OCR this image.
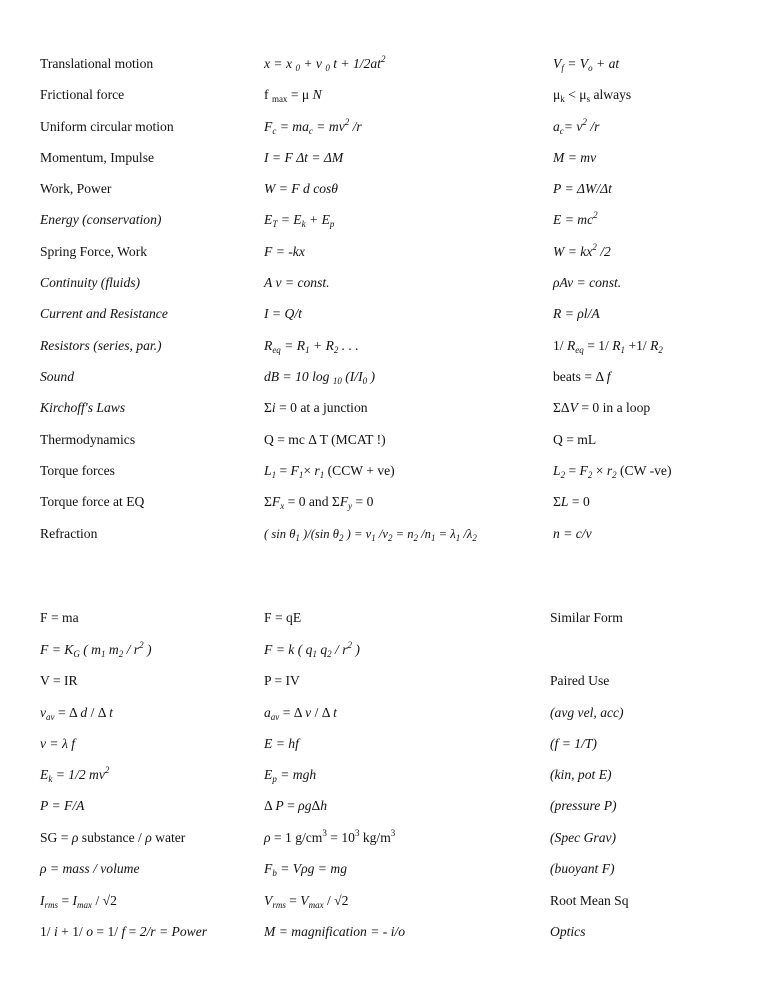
Translational motion	x = x $_0$ + v $_0$ $t + 1/2at^2$	$V_f = V_o$ + at
Frictional force	f $_{max}$ = μ N	$\mu_k < \mu_s$ always
Uniform circular motion	$F_c = ma_c = mv^2$ /r	$a_c= v^2$ /r
Momentum, Impulse	I = F Δt = ΔM	M = mv
Work, Power	W = F d cosθ	P = ΔW/Δt
Energy (conservation)	$E_T = E_k + E_p$	$E = mc^2$
Spring Force, Work	F = -kx	$W = kx^2$ /2
Continuity (fluids)	A v = const.	ρAv = const.
Current and Resistance	I = Q/t	R = ρl/A
Resistors (series, par.)	$R_{eq} = R_1 + R_2$ . . .	1/ $R_{eq} = 1/$ $R_1 +1/$ $R_2$
Sound	dB = 10 log $_{10}$ ($I/I_0$ )	beats = Δ f
Kirchoff's Laws	Σi = 0 at a junction	ΣΔV = 0 in a loop
Thermodynamics	Q = mc Δ T (MCAT !)	Q = mL
Torque forces	$L_1 = F_1\times r_1$ (CCW + ve)	$L_2 = F_2 \times r_2$ (CW -ve)
Torque force at EQ	$\Sigma F_x = 0$ and $\Sigma F_y = 0$	ΣL = 0
Refraction	( $\sin \theta_1$ )/(sin $\theta_2$ ) = $v_1$ $/v_2 = n_2$ $/n_1 = \lambda_1$ $/\lambda_2$	n = c/v
F = ma	F = qE	Similar Form
$F = K_G$ ( $m_1$ $m_2 / r^2$ )	F = k ( $q_1$ $q_2 / r^2$ )
V = IR	P = IV	Paired Use
$v_{av} = \Delta$ d / Δ t	$a_{av} = \Delta$ v / Δ t	(avg vel, acc)
v = λ f	E = hf	(f = 1/T)
$E_k = 1/2$ $mv^2$	$E_p$ = mgh	(kin, pot E)
P = F/A	Δ P = ρgΔh	(pressure P)
SG = ρ substance / ρ water	ρ = 1 $g/cm^3 = 10^3$ $kg/m^3$	(Spec Grav)
ρ = mass / volume	$F_b = V\rho g$ = mg	(buoyant F)
$I_{rms} = I_{max} / √2$	$V_{rms} = V_{max} / √2$	Root Mean Sq
1/ i + 1/ o = 1/ f = 2/r = Power	M = magnification = - i/o	Optics
